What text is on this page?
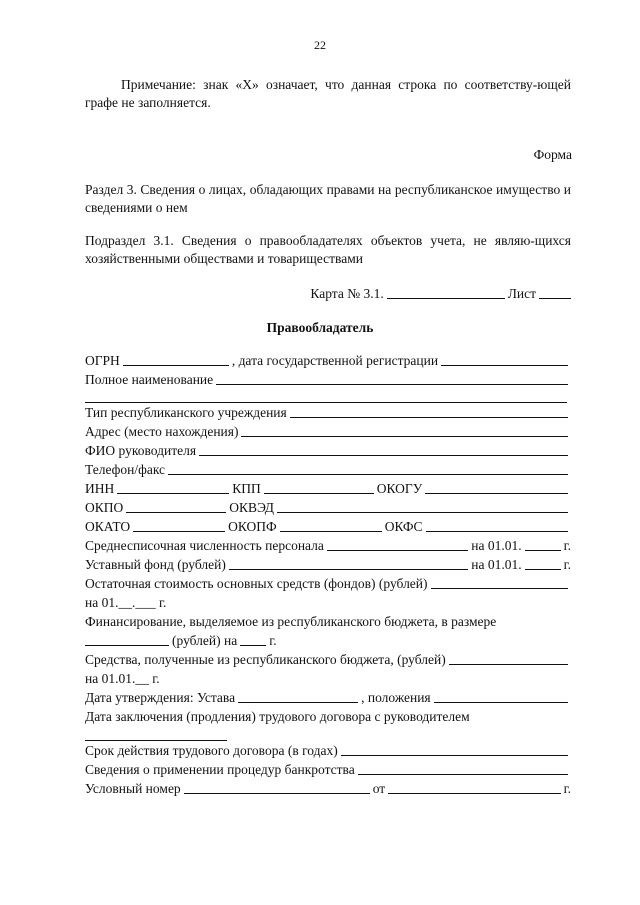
22
Примечание: знак «X» означает, что данная строка по соответству-ющей графе не заполняется.
Форма
Раздел 3. Сведения о лицах, обладающих правами на республиканское имущество и сведениями о нем
Подраздел 3.1. Сведения о правообладателях объектов учета, не являю-щихся хозяйственными обществами и товариществами
Карта № 3.1.	Лист
Правообладатель
ОГРН	, дата государственной регистрации
Полное наименование
Тип республиканского учреждения
Адрес (место нахождения)
ФИО руководителя
Телефон/факс
ИНН	КПП	ОКОГУ
ОКПО	ОКВЭД
ОКАТО	ОКОПФ	ОКФС
Среднесписочная численность персонала	на 01.01.	г.
Уставный фонд (рублей)	на 01.01.	г.
Остаточная стоимость основных средств (фондов) (рублей)
на 01.__.___ г.
Финансирование, выделяемое из республиканского бюджета, в размере
(рублей) на г.
Средства, полученные из республиканского бюджета, (рублей)
на 01.01.__ г.
Дата утверждения: Устава	, положения
Дата заключения (продления) трудового договора с руководителем
Срок действия трудового договора (в годах)
Сведения о применении процедур банкротства
Условный номер	от	г.
